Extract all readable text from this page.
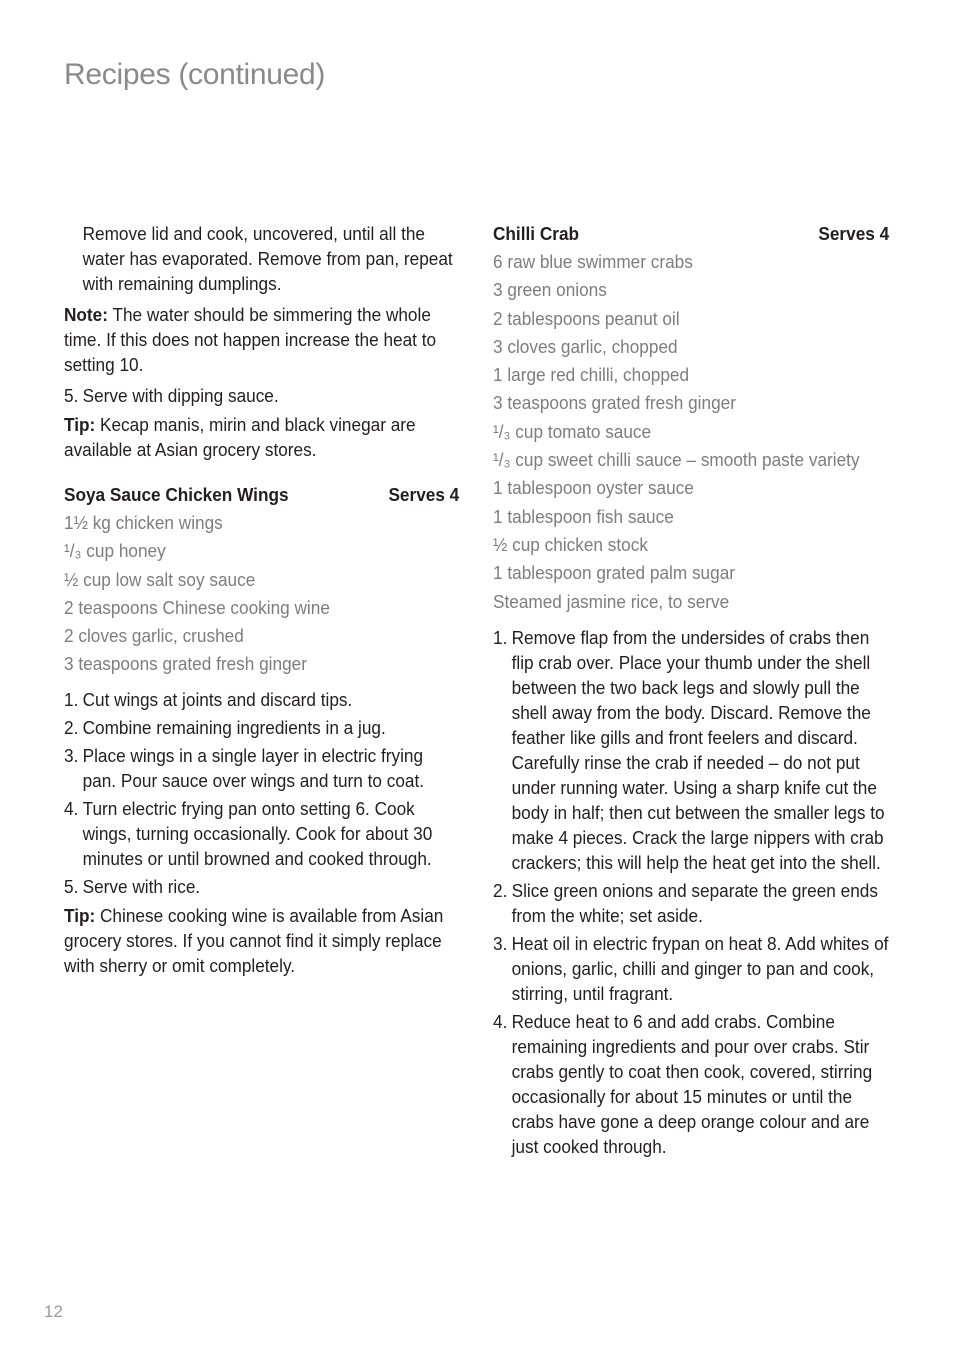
Recipes (continued)

Remove lid and cook, uncovered, until all the water has evaporated. Remove from pan, repeat with remaining dumplings.

Note: The water should be simmering the whole time. If this does not happen increase the heat to setting 10.

5. Serve with dipping sauce.

Tip: Kecap manis, mirin and black vinegar are available at Asian grocery stores.

Soya Sauce Chicken Wings	Serves 4
1½ kg chicken wings
¹/₃ cup honey
½ cup low salt soy sauce
2 teaspoons Chinese cooking wine
2 cloves garlic, crushed
3 teaspoons grated fresh ginger
1. Cut wings at joints and discard tips.
2. Combine remaining ingredients in a jug.
3. Place wings in a single layer in electric frying pan. Pour sauce over wings and turn to coat.
4. Turn electric frying pan onto setting 6. Cook wings, turning occasionally. Cook for about 30 minutes or until browned and cooked through.
5. Serve with rice.

Tip: Chinese cooking wine is available from Asian grocery stores. If you cannot find it simply replace with sherry or omit completely.

Chilli Crab	Serves 4
6 raw blue swimmer crabs
3 green onions
2 tablespoons peanut oil
3 cloves garlic, chopped
1 large red chilli, chopped
3 teaspoons grated fresh ginger
¹/₃ cup tomato sauce
¹/₃ cup sweet chilli sauce – smooth paste variety
1 tablespoon oyster sauce
1 tablespoon fish sauce
½ cup chicken stock
1 tablespoon grated palm sugar
Steamed jasmine rice, to serve
1. Remove flap from the undersides of crabs then flip crab over. Place your thumb under the shell between the two back legs and slowly pull the shell away from the body. Discard. Remove the feather like gills and front feelers and discard. Carefully rinse the crab if needed – do not put under running water. Using a sharp knife cut the body in half; then cut between the smaller legs to make 4 pieces. Crack the large nippers with crab crackers; this will help the heat get into the shell.
2. Slice green onions and separate the green ends from the white; set aside.
3. Heat oil in electric frypan on heat 8. Add whites of onions, garlic, chilli and ginger to pan and cook, stirring, until fragrant.
4. Reduce heat to 6 and add crabs. Combine remaining ingredients and pour over crabs. Stir crabs gently to coat then cook, covered, stirring occasionally for about 15 minutes or until the crabs have gone a deep orange colour and are just cooked through.
12
